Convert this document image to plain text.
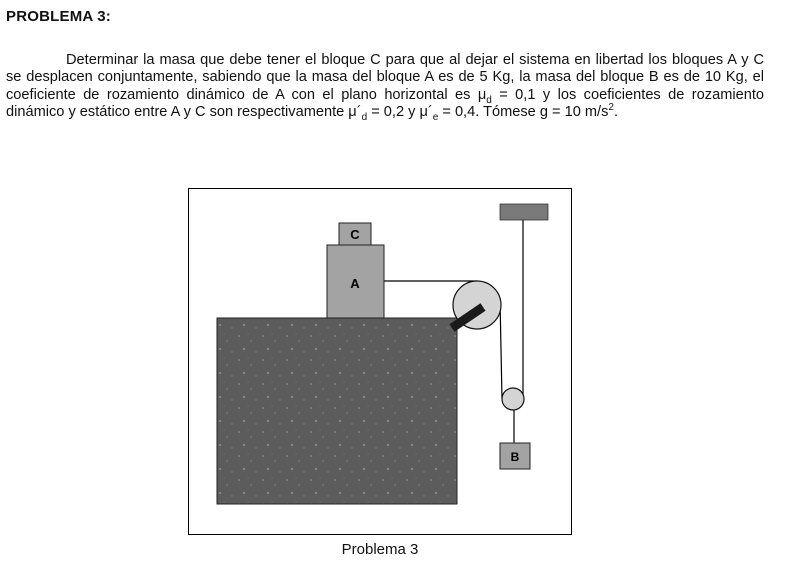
PROBLEMA 3:

Determinar la masa que debe tener el bloque C para que al dejar el sistema en libertad los bloques A y C se desplacen conjuntamente, sabiendo que la masa del bloque A es de 5 Kg, la masa del bloque B es de 10 Kg, el coeficiente de rozamiento dinámico de A con el plano horizontal es $\mu_d = 0,1$ y los coeficientes de rozamiento dinámico y estático entre A y C son respectivamente $\mu´_d = 0,2$ y $\mu´_e = 0,4$. Tómese g = 10 $m/s^2$.

A
C
B
Problema 3
